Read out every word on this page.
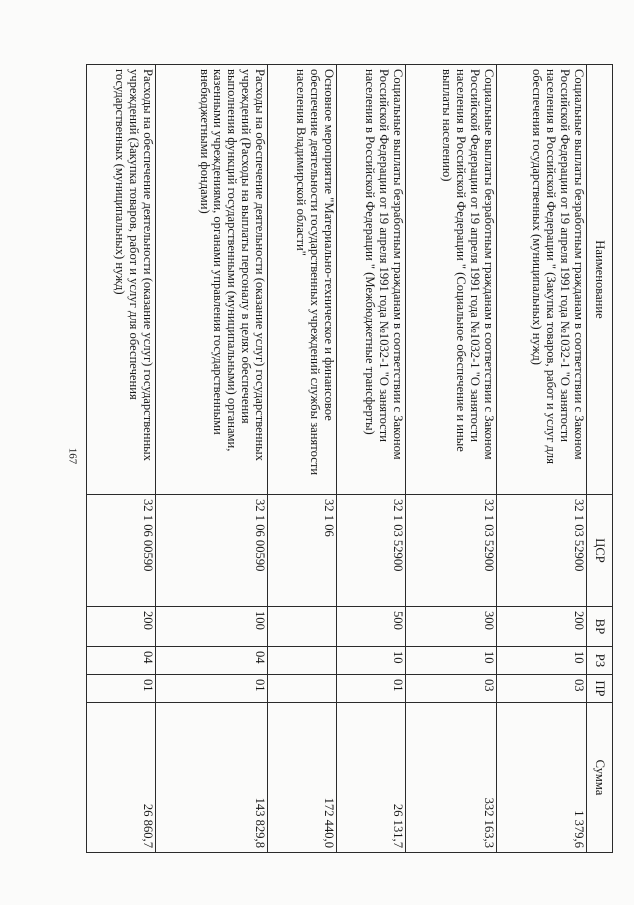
167
Наименование	ЦСР	ВР	РЗ	ПР	Сумма
Социальные выплаты безработным гражданам в соответствии с Законом Российской Федерации от 19 апреля 1991 года №1032-1 "О занятости населения в Российской Федерации " (Закупка товаров, работ и услуг для обеспечения государственных (муниципальных) нужд)	32 1 03 52900	200	10	03	1 379,6
Социальные выплаты безработным гражданам в соответствии с Законом Российской Федерации от 19 апреля 1991 года №1032-1 "О занятости населения в Российской Федерации " (Социальное обеспечение и иные выплаты населению)	32 1 03 52900	300	10	03	332 163,3
Социальные выплаты безработным гражданам в соответствии с Законом Российской Федерации от 19 апреля 1991 года №1032-1 "О занятости населения в Российской Федерации " (Межбюджетные трансферты)	32 1 03 52900	500	10	01	26 131,7
Основное мероприятие "Материально-техническое и финансовое обеспечение деятельности государственных учреждений службы занятости населения Владимирской области"	32 1 06				172 440,0
Расходы на обеспечение деятельности (оказание услуг) государственных учреждений (Расходы на выплаты персоналу в целях обеспечения выполнения функций государственными (муниципальными) органами, казенными учреждениями, органами управления государственными внебюджетными фондами)	32 1 06 00590	100	04	01	143 829,8
Расходы на обеспечение деятельности (оказание услуг) государственных учреждений (Закупка товаров, работ и услуг для обеспечения государственных (муниципальных) нужд)	32 1 06 00590	200	04	01	26 860,7
